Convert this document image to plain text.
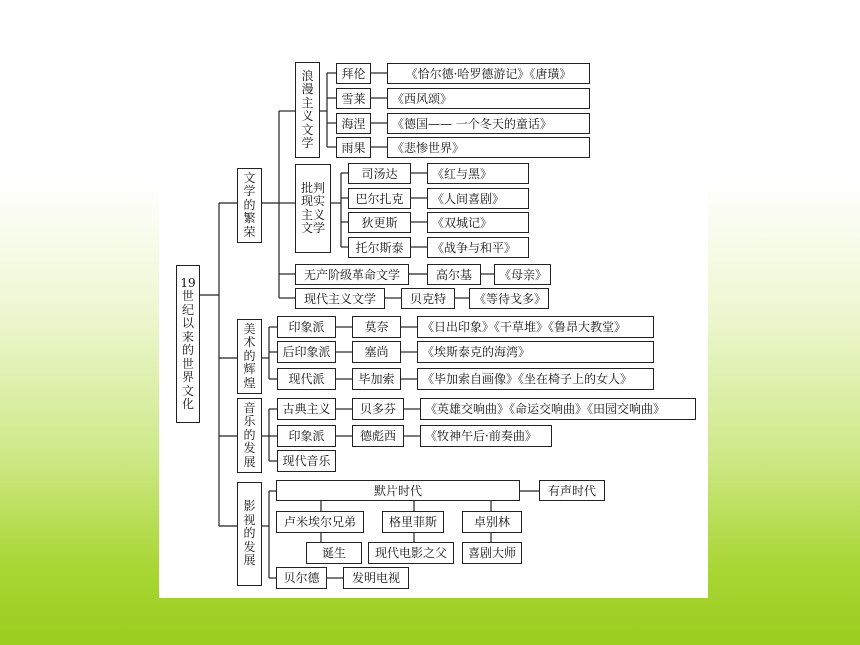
19
世
纪
以
来
的
世
界
文
化
文
学
的
繁
荣
浪
漫
主
义
文
学
拜伦	《恰尔德·哈罗德游记》《唐璜》
雪莱	《西风颂》
海涅	《德国—— 一个冬天的童话》
雨果	《悲惨世界》
批判
现实
主义
文学
司汤达	《红与黑》
巴尔扎克	《人间喜剧》
狄更斯	《双城记》
托尔斯泰	《战争与和平》
无产阶级革命文学	高尔基	《母亲》
现代主义文学	贝克特	《等待戈多》
美
术
的
辉
煌
印象派	莫奈	《日出印象》《干草堆》《鲁昂大教堂》
后印象派	塞尚	《埃斯泰克的海湾》
现代派	毕加索	《毕加索自画像》《坐在椅子上的女人》
音
乐
的
发
展
古典主义	贝多芬	《英雄交响曲》《命运交响曲》《田园交响曲》
印象派	德彪西	《牧神午后·前奏曲》
现代音乐
影
视
的
发
展
默片时代	有声时代
卢米埃尔兄弟	格里菲斯	卓别林
诞生	现代电影之父	喜剧大师
贝尔德	发明电视
